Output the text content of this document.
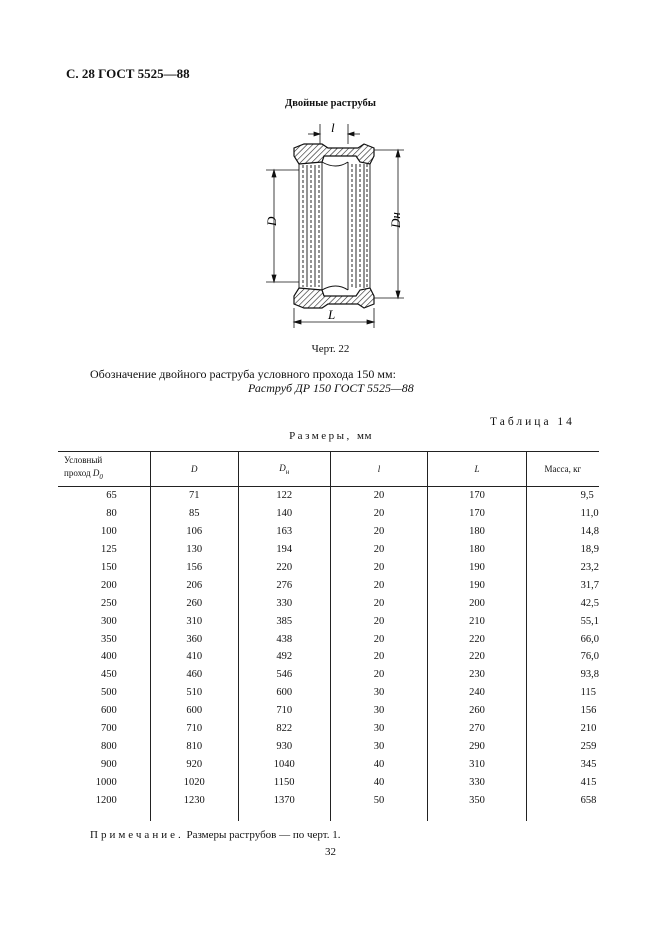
С. 28 ГОСТ 5525—88
Двойные раструбы
l
D	Dн
L
Черт. 22
Обозначение двойного раструба условного прохода 150 мм:
Раструб ДР 150 ГОСТ 5525—88
Таблица 14
Размеры, мм
Условный
проход $D_0$	D	$D_н$	l	L	Масса, кг
65	71	122	20	170	9,5
80	85	140	20	170	11,0
100	106	163	20	180	14,8
125	130	194	20	180	18,9
150	156	220	20	190	23,2
200	206	276	20	190	31,7
250	260	330	20	200	42,5
300	310	385	20	210	55,1
350	360	438	20	220	66,0
400	410	492	20	220	76,0
450	460	546	20	230	93,8
500	510	600	30	240	115
600	600	710	30	260	156
700	710	822	30	270	210
800	810	930	30	290	259
900	920	1040	40	310	345
1000	1020	1150	40	330	415
1200	1230	1370	50	350	658
Примечание. Размеры раструбов — по черт. 1.
32
